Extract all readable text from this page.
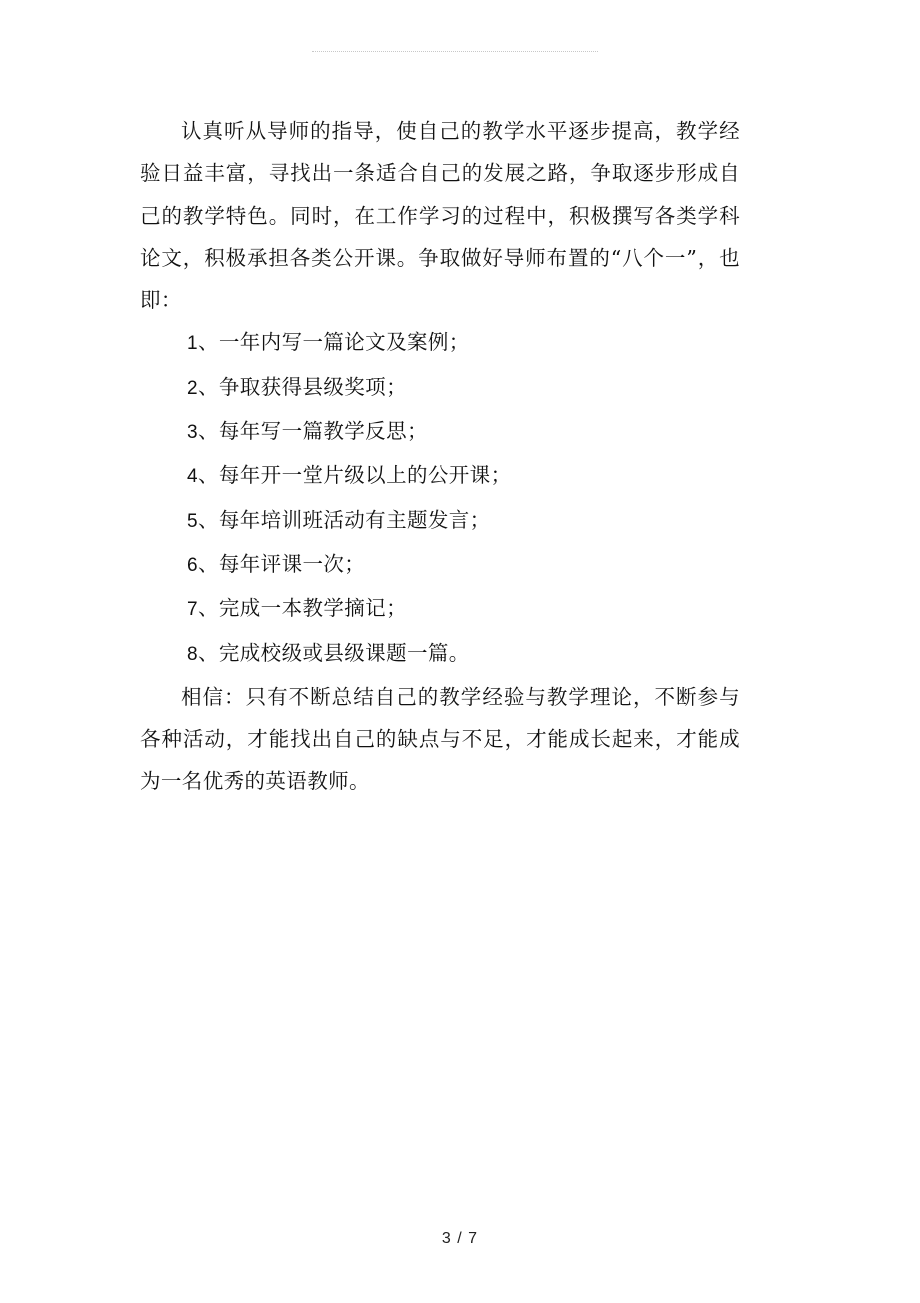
认真听从导师的指导，使自己的教学水平逐步提高，教学经验日益丰富，寻找出一条适合自己的发展之路，争取逐步形成自己的教学特色。同时，在工作学习的过程中，积极撰写各类学科论文，积极承担各类公开课。争取做好导师布置的“八个一”，也即：

1、一年内写一篇论文及案例；
2、争取获得县级奖项；
3、每年写一篇教学反思；
4、每年开一堂片级以上的公开课；
5、每年培训班活动有主题发言；
6、每年评课一次；
7、完成一本教学摘记；
8、完成校级或县级课题一篇。

相信：只有不断总结自己的教学经验与教学理论，不断参与各种活动，才能找出自己的缺点与不足，才能成长起来，才能成为一名优秀的英语教师。

3 / 7
